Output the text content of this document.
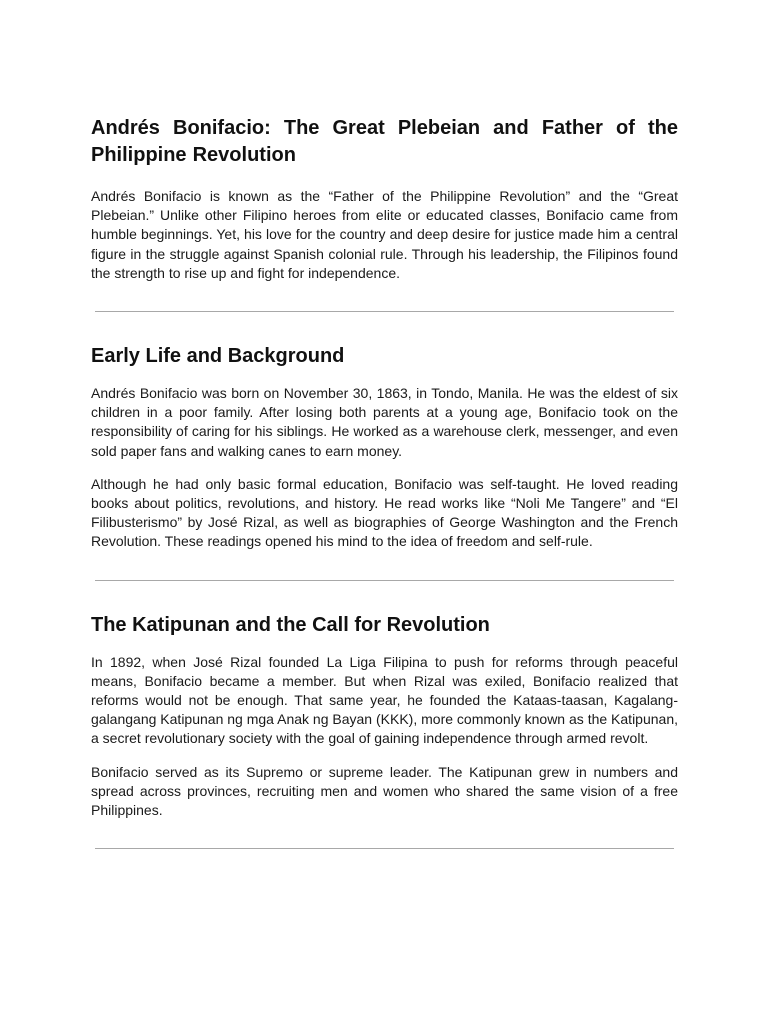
Andrés Bonifacio: The Great Plebeian and Father of the Philippine Revolution

Andrés Bonifacio is known as the “Father of the Philippine Revolution” and the “Great Plebeian.” Unlike other Filipino heroes from elite or educated classes, Bonifacio came from humble beginnings. Yet, his love for the country and deep desire for justice made him a central figure in the struggle against Spanish colonial rule. Through his leadership, the Filipinos found the strength to rise up and fight for independence.

Early Life and Background

Andrés Bonifacio was born on November 30, 1863, in Tondo, Manila. He was the eldest of six children in a poor family. After losing both parents at a young age, Bonifacio took on the responsibility of caring for his siblings. He worked as a warehouse clerk, messenger, and even sold paper fans and walking canes to earn money.

Although he had only basic formal education, Bonifacio was self-taught. He loved reading books about politics, revolutions, and history. He read works like “Noli Me Tangere” and “El Filibusterismo” by José Rizal, as well as biographies of George Washington and the French Revolution. These readings opened his mind to the idea of freedom and self-rule.

The Katipunan and the Call for Revolution

In 1892, when José Rizal founded La Liga Filipina to push for reforms through peaceful means, Bonifacio became a member. But when Rizal was exiled, Bonifacio realized that reforms would not be enough. That same year, he founded the Kataas-taasan, Kagalang-galangang Katipunan ng mga Anak ng Bayan (KKK), more commonly known as the Katipunan, a secret revolutionary society with the goal of gaining independence through armed revolt.

Bonifacio served as its Supremo or supreme leader. The Katipunan grew in numbers and spread across provinces, recruiting men and women who shared the same vision of a free Philippines.
